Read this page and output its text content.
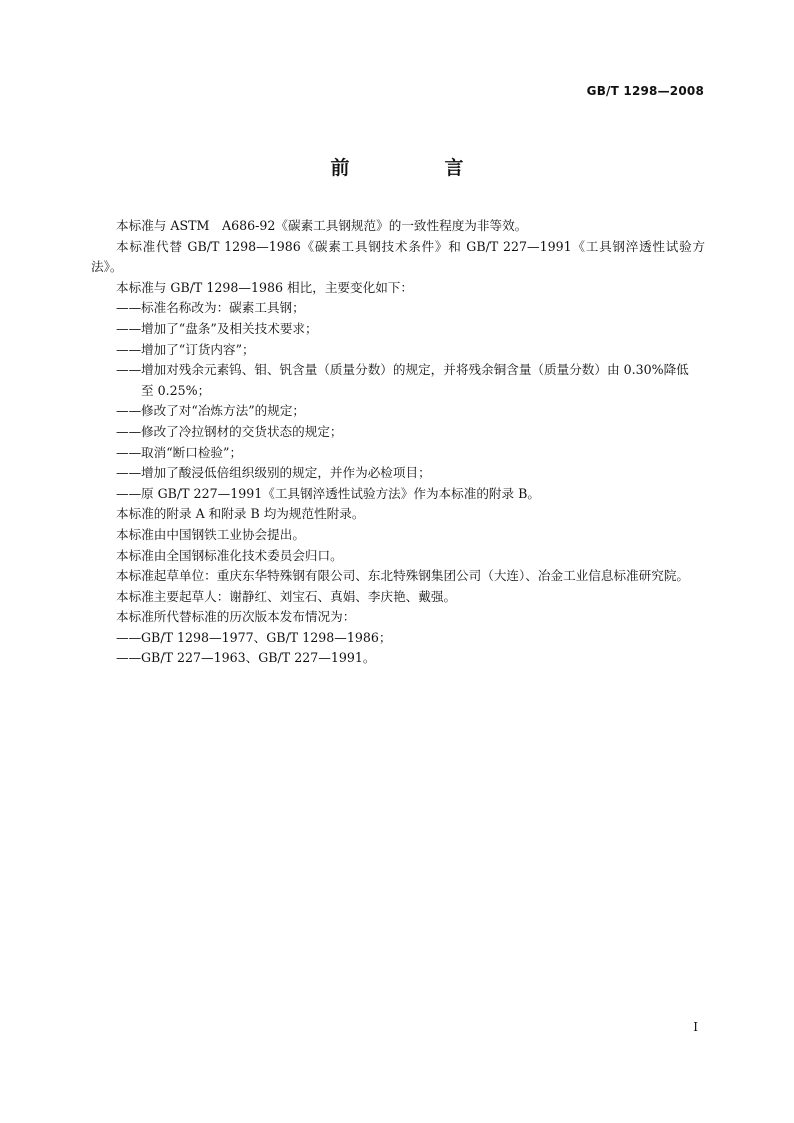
GB/T 1298—2008
前　言

本标准与 ASTM　A686-92《碳素工具钢规范》的一致性程度为非等效。

本标准代替 GB/T 1298—1986《碳素工具钢技术条件》和 GB/T 227—1991《工具钢淬透性试验方法》。

本标准与 GB/T 1298—1986 相比，主要变化如下：

——标准名称改为：碳素工具钢；
——增加了“盘条”及相关技术要求；
——增加了“订货内容”；
——增加对残余元素钨、钼、钒含量（质量分数）的规定，并将残余铜含量（质量分数）由 0.30%降低
至 0.25%；
——修改了对“冶炼方法”的规定；
——修改了冷拉钢材的交货状态的规定；
——取消“断口检验”；
——增加了酸浸低倍组织级别的规定，并作为必检项目；
——原 GB/T 227—1991《工具钢淬透性试验方法》作为本标准的附录 B。

本标准的附录 A 和附录 B 均为规范性附录。

本标准由中国钢铁工业协会提出。

本标准由全国钢标准化技术委员会归口。

本标准起草单位：重庆东华特殊钢有限公司、东北特殊钢集团公司（大连）、冶金工业信息标准研究院。

本标准主要起草人：谢静红、刘宝石、真娟、李庆艳、戴强。

本标准所代替标准的历次版本发布情况为：

——GB/T 1298—1977、GB/T 1298—1986；
——GB/T 227—1963、GB/T 227—1991。
I
